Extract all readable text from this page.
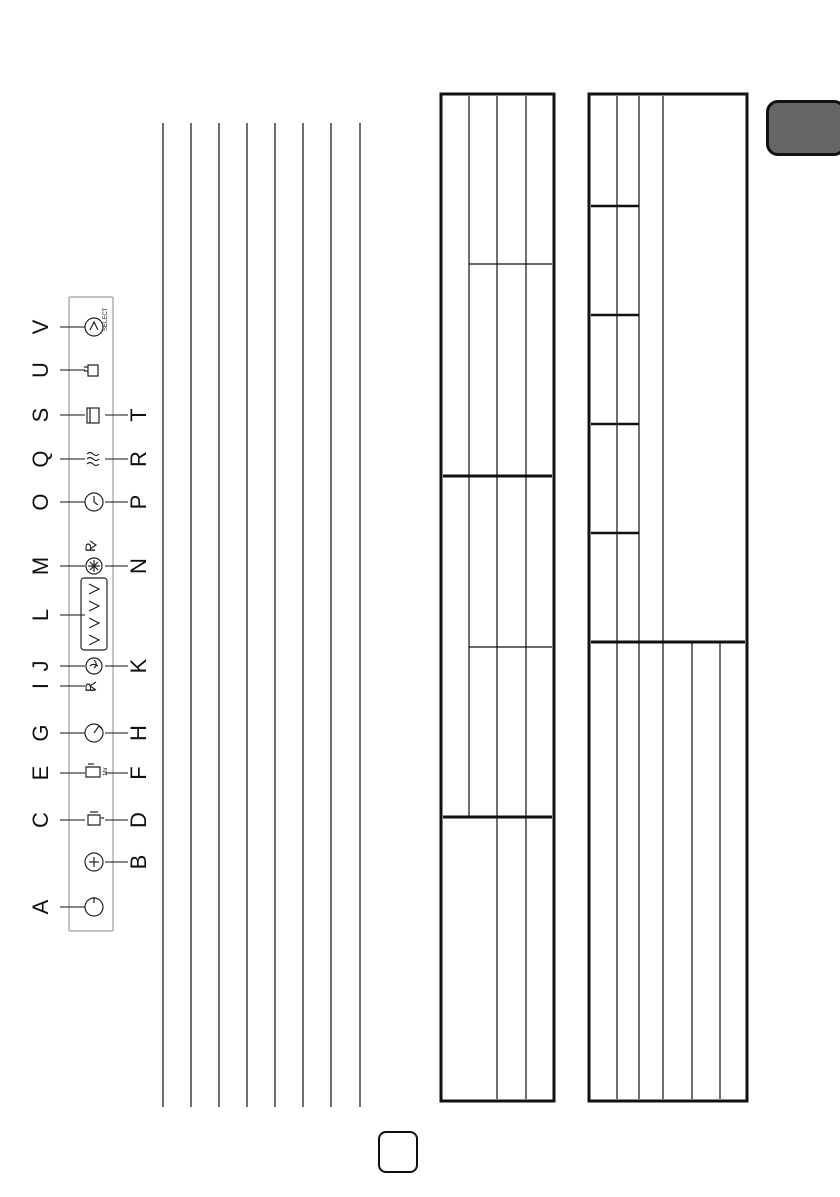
A
C
E
G
I
J
L
M
O
Q
S
U
V
B
D
F
H
K
N
P
R
T
1hr
P
P
SELECT
